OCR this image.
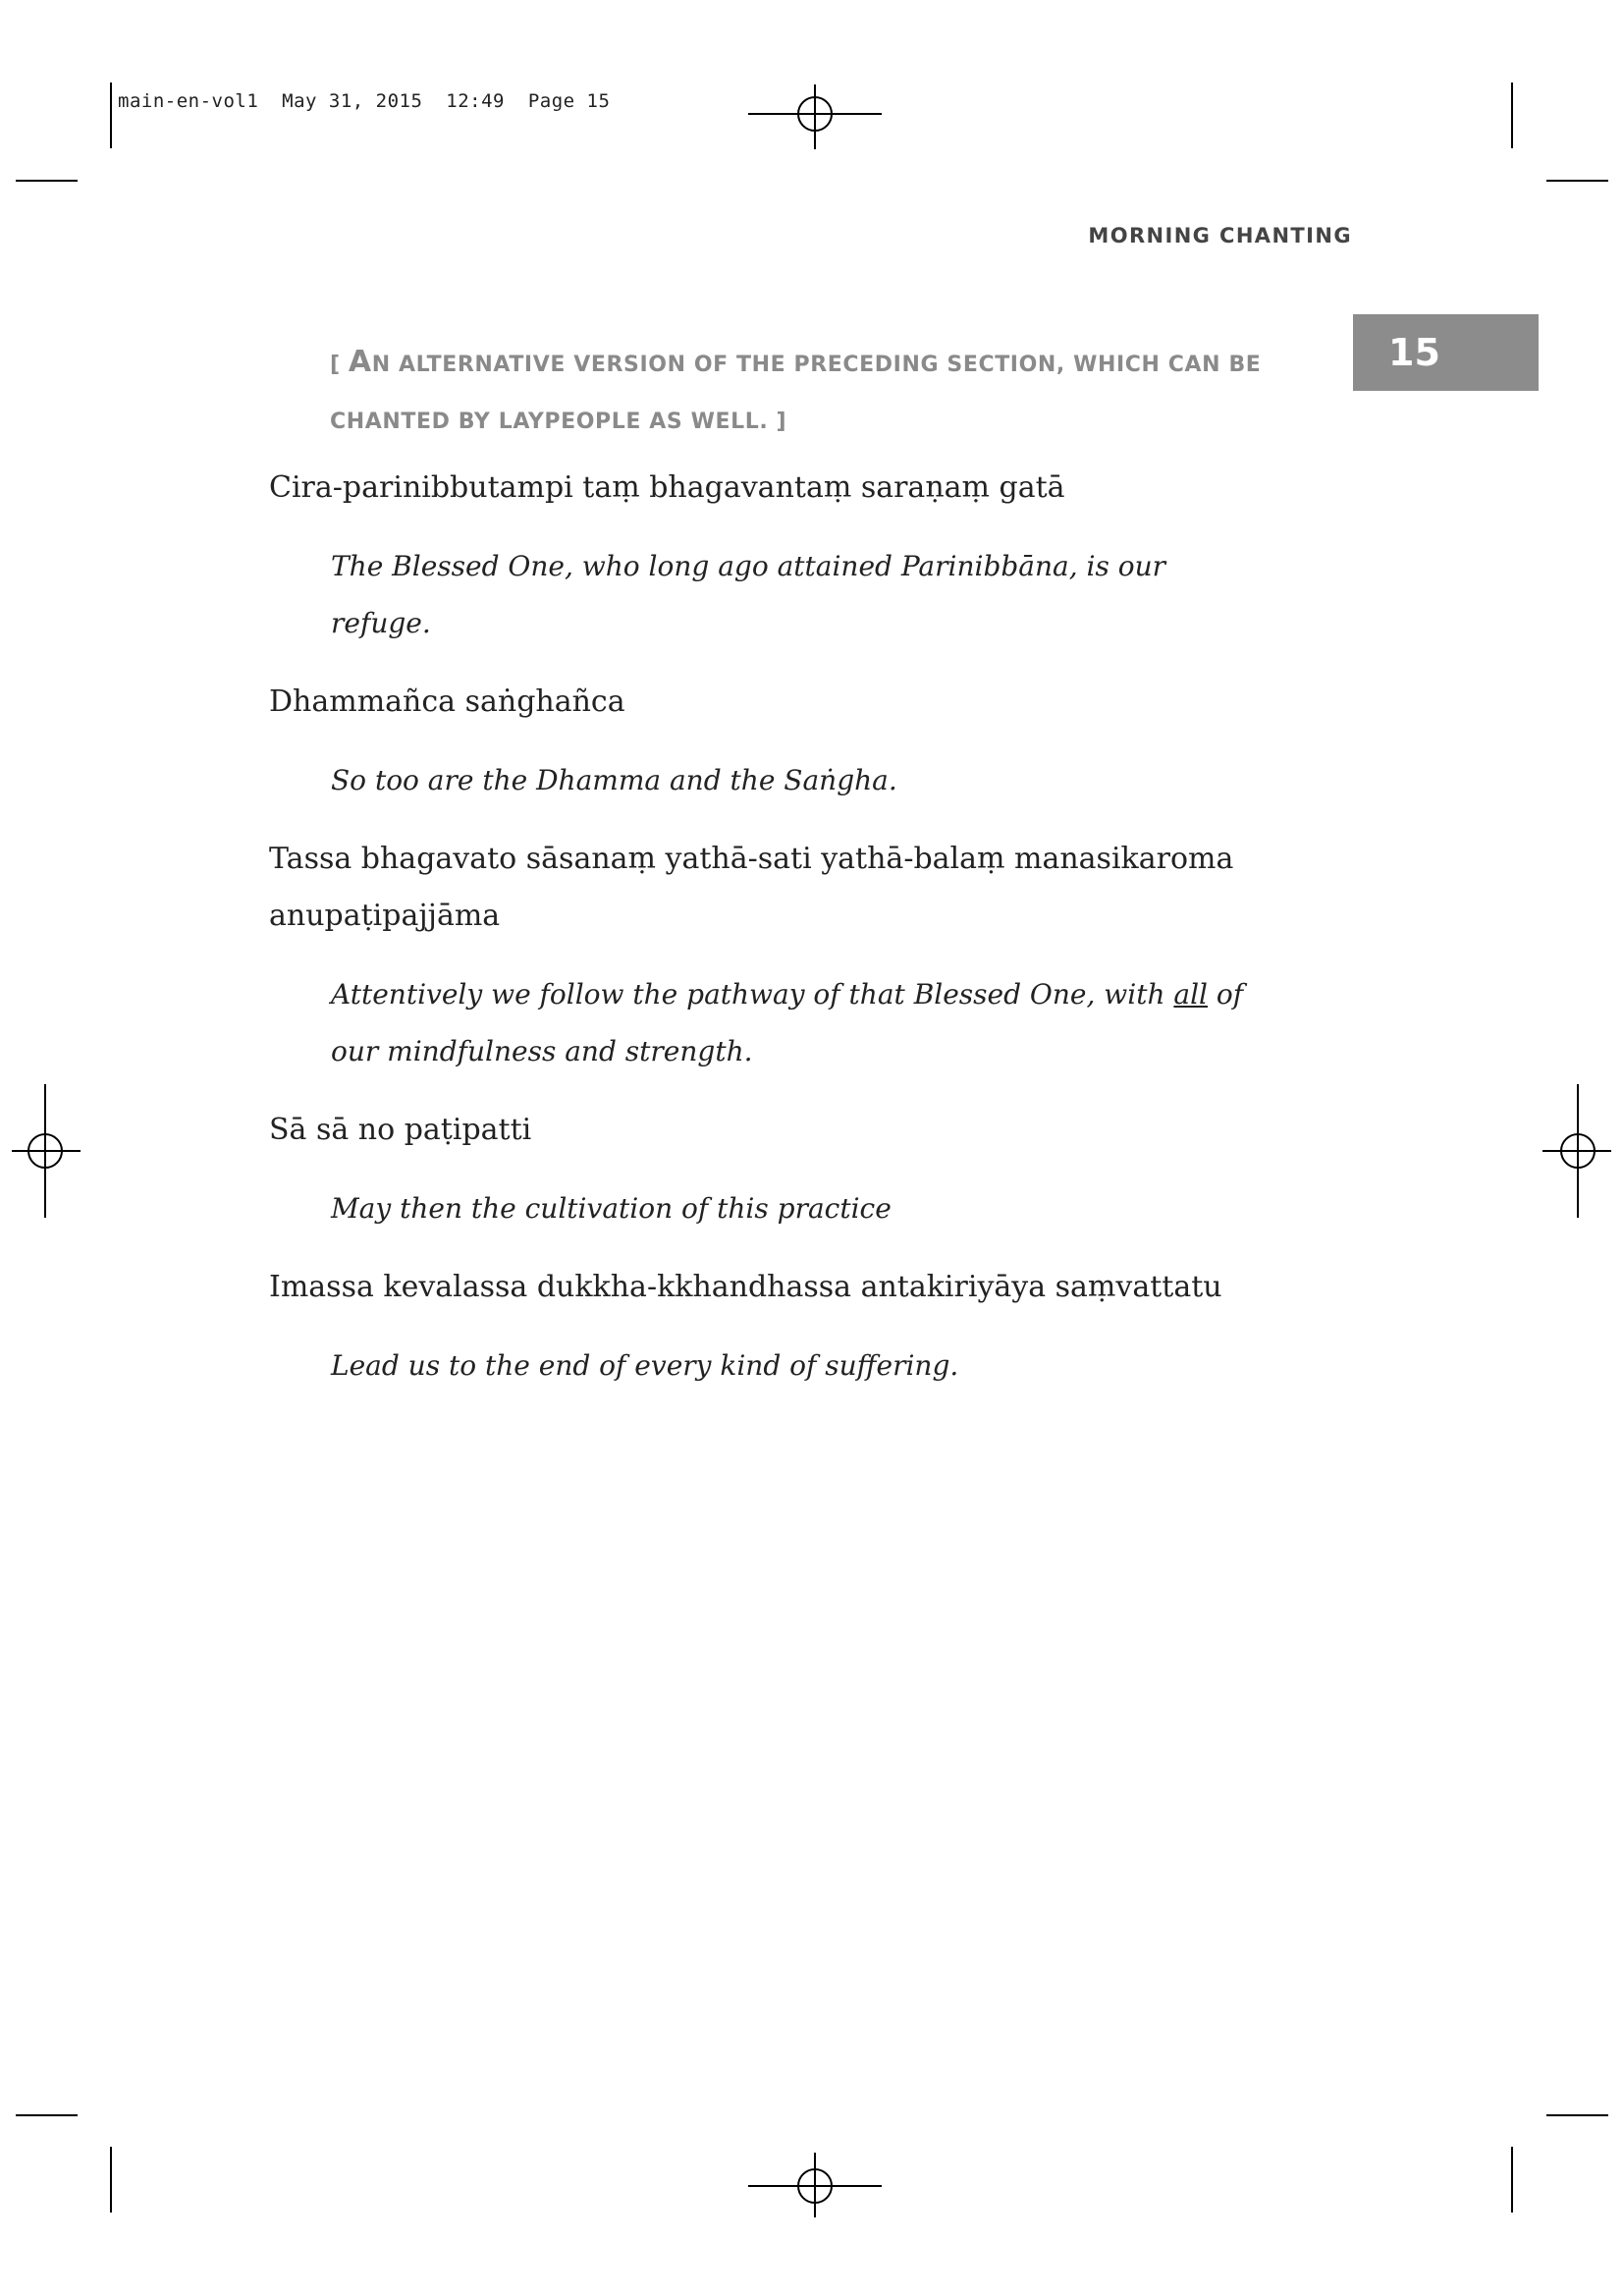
main-en-vol1  May 31, 2015  12:49  Page 15
MORNING CHANTING
15
[ AN ALTERNATIVE VERSION OF THE PRECEDING SECTION, WHICH CAN BE CHANTED BY LAYPEOPLE AS WELL. ]

Cira-parinibbutampi taṃ bhagavantaṃ saraṇaṃ gatā

The Blessed One, who long ago attained Parinibbāna, is our refuge.

Dhammañca saṅghañca

So too are the Dhamma and the Saṅgha.

Tassa bhagavato sāsanaṃ yathā-sati yathā-balaṃ manasikaroma anupaṭipajjāma

Attentively we follow the pathway of that Blessed One, with all of our mindfulness and strength.

Sā sā no paṭipatti

May then the cultivation of this practice

Imassa kevalassa dukkha-kkhandhassa antakiriyāya saṃvattatu

Lead us to the end of every kind of suffering.
